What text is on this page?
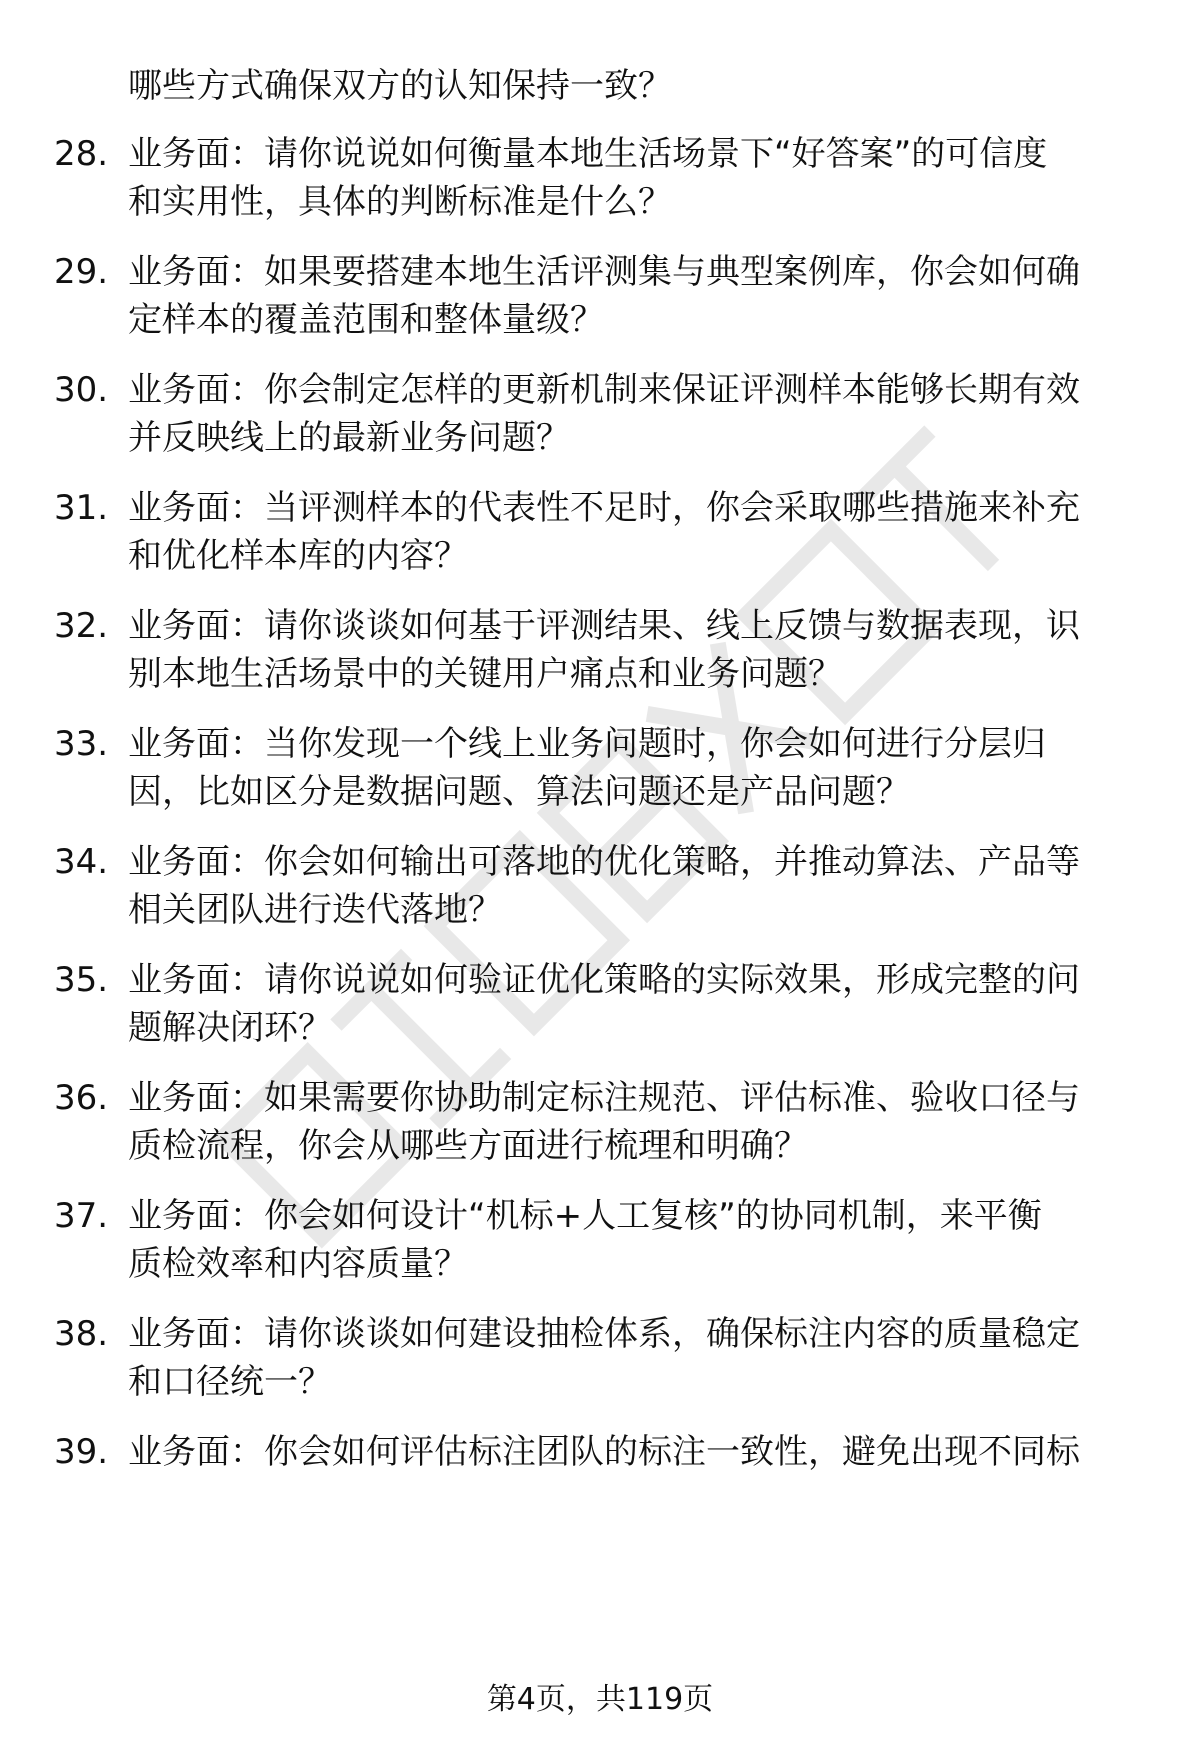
哪些方式确保双方的认知保持一致？
28. 业务面：请你说说如何衡量本地生活场景下“好答案”的可信度
和实用性，具体的判断标准是什么？
29. 业务面：如果要搭建本地生活评测集与典型案例库，你会如何确
定样本的覆盖范围和整体量级？
30. 业务面：你会制定怎样的更新机制来保证评测样本能够长期有效
并反映线上的最新业务问题？
31. 业务面：当评测样本的代表性不足时，你会采取哪些措施来补充
和优化样本库的内容？
32. 业务面：请你谈谈如何基于评测结果、线上反馈与数据表现，识
别本地生活场景中的关键用户痛点和业务问题？
33. 业务面：当你发现一个线上业务问题时，你会如何进行分层归
因，比如区分是数据问题、算法问题还是产品问题？
34. 业务面：你会如何输出可落地的优化策略，并推动算法、产品等
相关团队进行迭代落地？
35. 业务面：请你说说如何验证优化策略的实际效果，形成完整的问
题解决闭环？
36. 业务面：如果需要你协助制定标注规范、评估标准、验收口径与
质检流程，你会从哪些方面进行梳理和明确？
37. 业务面：你会如何设计“机标+人工复核”的协同机制，来平衡
质检效率和内容质量？
38. 业务面：请你谈谈如何建设抽检体系，确保标注内容的质量稳定
和口径统一？
39. 业务面：你会如何评估标注团队的标注一致性，避免出现不同标
第4页，共119页
